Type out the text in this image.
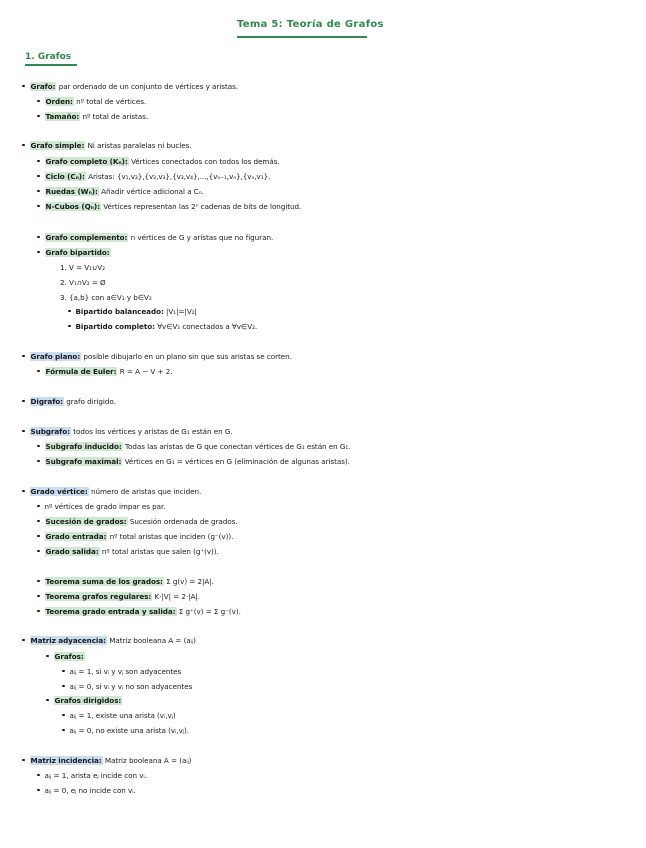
Tema 5: Teoría de Grafos
1. Grafos
Grafo: par ordenado de un conjunto de vértices y aristas.
Orden: nº total de vértices.
Tamaño: nº total de aristas.
Grafo simple: Ni aristas paralelas ni bucles.
Grafo completo (Kₙ): Vértices conectados con todos los demás.
Ciclo (Cₙ): Aristas: {v₁,v₂},{v₂,v₃},{v₃,v₄},...,{vₙ₋₁,vₙ},{vₙ,v₁}.
Ruedas (Wₙ): Añadir vértice adicional a Cₙ.
N-Cubos (Qₙ): Vértices representan las 2ⁿ cadenas de bits de longitud.
Grafo complemento: n vértices de G y aristas que no figuran.
Grafo bipartido:
1. V = V₁∪V₂
2. V₁∩V₂ = Ø
3. {a,b} con a∈V₁ y b∈V₂
Bipartido balanceado: |V₁|=|V₂|
Bipartido completo: ∀v∈V₁ conectados a ∀v∈V₂.
Grafo plano: posible dibujarlo en un plano sin que sus aristas se corten.
Fórmula de Euler: R = A − V + 2.
Digrafo: grafo dirigido.
Subgrafo: todos los vértices y aristas de G₁ están en G.
Subgrafo inducido: Todas las aristas de G que conectan vértices de G₁ están en G₁.
Subgrafo maximal: Vértices en G₁ = vértices en G (eliminación de algunas aristas).
Grado vértice: número de aristas que inciden.
nº vértices de grado impar es par.
Sucesión de grados: Sucesión ordenada de grados.
Grado entrada: nº total aristas que inciden (g⁻(v)).
Grado salida: nº total aristas que salen (g⁺(v)).
Teorema suma de los grados: Σ g(v) = 2|A|.
Teorema grafos regulares: K·|V| = 2·|A|.
Teorema grado entrada y salida: Σ g⁺(v) = Σ g⁻(v).
Matriz adyacencia: Matriz booleana A = (aᵢⱼ)
Grafos:
aᵢⱼ = 1, si vᵢ y vⱼ son adyacentes
aᵢⱼ = 0, si vᵢ y vⱼ no son adyacentes
Grafos dirigidos:
aᵢⱼ = 1, existe una arista (vᵢ,vⱼ)
aᵢⱼ = 0, no existe una arista (vᵢ,vⱼ).
Matriz incidencia: Matriz booleana A = (aᵢⱼ)
aᵢⱼ = 1, arista eⱼ incide con vᵢ.
aᵢⱼ = 0, eⱼ no incide con vᵢ.
